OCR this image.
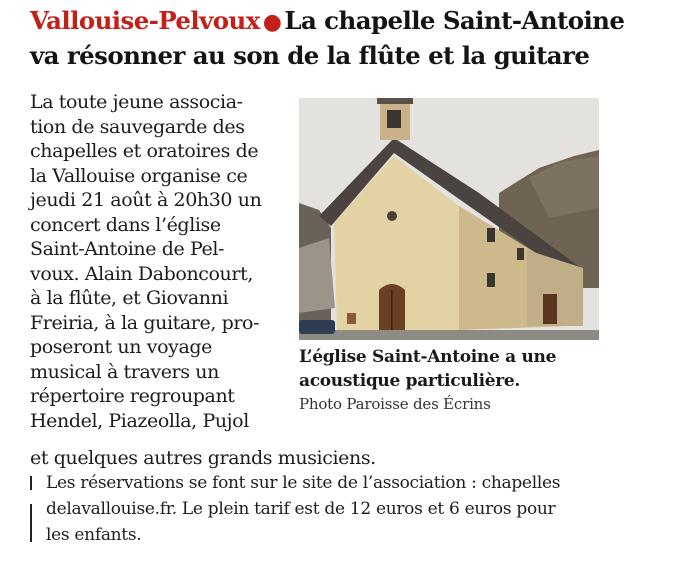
Vallouise-Pelvoux ● La chapelle Saint-Antoine
va résonner au son de la flûte et la guitare
La toute jeune associa-
tion de sauvegarde des
chapelles et oratoires de
la Vallouise organise ce
jeudi 21 août à 20h30 un
concert dans l’église
Saint-Antoine de Pel-
voux. Alain Daboncourt,
à la flûte, et Giovanni
Freiria, à la guitare, pro-
poseront un voyage
musical à travers un
répertoire regroupant
Hendel, Piazeolla, Pujol
et quelques autres grands musiciens.
L’église Saint-Antoine a une
acoustique particulière.
Photo Paroisse des Écrins
Les réservations se font sur le site de l’association : chapelles
delavallouise.fr. Le plein tarif est de 12 euros et 6 euros pour
les enfants.
